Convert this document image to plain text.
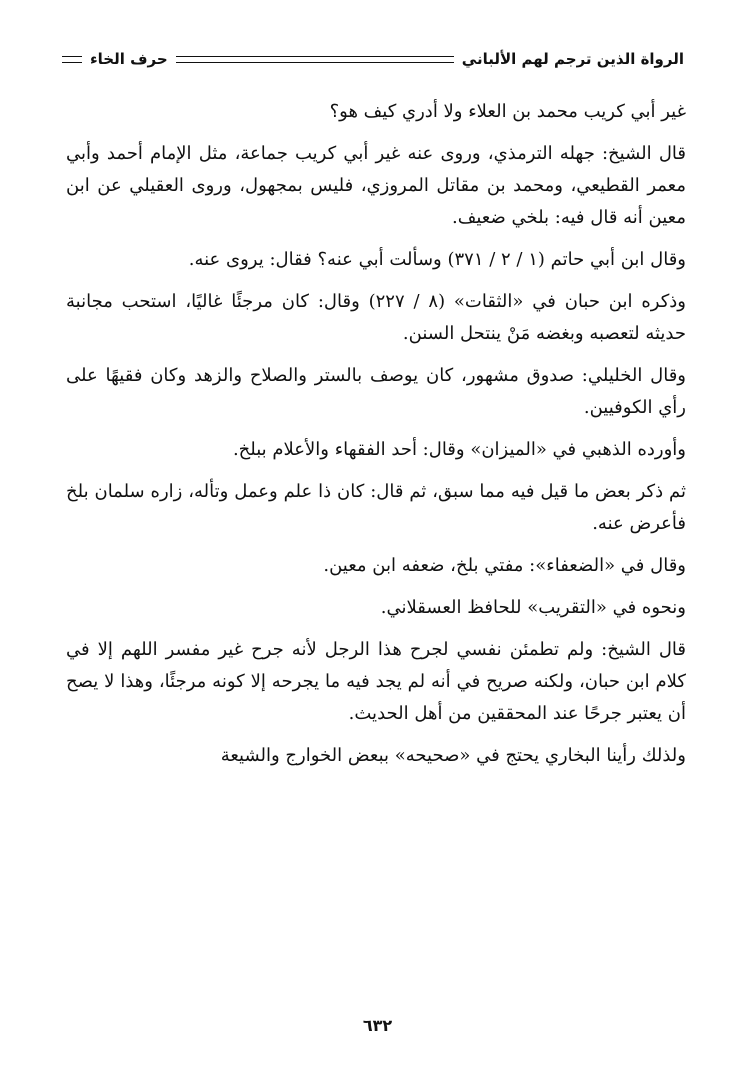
الرواة الذين ترجم لهم الألباني
حرف الخاء

غير أبي كريب محمد بن العلاء ولا أدري كيف هو؟

قال الشيخ: جهله الترمذي، وروى عنه غير أبي كريب جماعة، مثل الإمام أحمد وأبي معمر القطيعي، ومحمد بن مقاتل المروزي، فليس بمجهول، وروى العقيلي عن ابن معين أنه قال فيه: بلخي ضعيف.

وقال ابن أبي حاتم (١ / ٢ / ٣٧١) وسألت أبي عنه؟ فقال: يروى عنه.

وذكره ابن حبان في «الثقات» (٨ / ٢٢٧) وقال: كان مرجئًا غاليًا، استحب مجانبة حديثه لتعصبه وبغضه مَنْ ينتحل السنن.

وقال الخليلي: صدوق مشهور، كان يوصف بالستر والصلاح والزهد وكان فقيهًا على رأي الكوفيين.

وأورده الذهبي في «الميزان» وقال: أحد الفقهاء والأعلام ببلخ.

ثم ذكر بعض ما قيل فيه مما سبق، ثم قال: كان ذا علم وعمل وتأله، زاره سلمان بلخ فأعرض عنه.

وقال في «الضعفاء»: مفتي بلخ، ضعفه ابن معين.

ونحوه في «التقريب» للحافظ العسقلاني.

قال الشيخ: ولم تطمئن نفسي لجرح هذا الرجل لأنه جرح غير مفسر اللهم إلا في كلام ابن حبان، ولكنه صريح في أنه لم يجد فيه ما يجرحه إلا كونه مرجئًا، وهذا لا يصح أن يعتبر جرحًا عند المحققين من أهل الحديث.

ولذلك رأينا البخاري يحتج في «صحيحه» ببعض الخوارج والشيعة

٦٣٢
